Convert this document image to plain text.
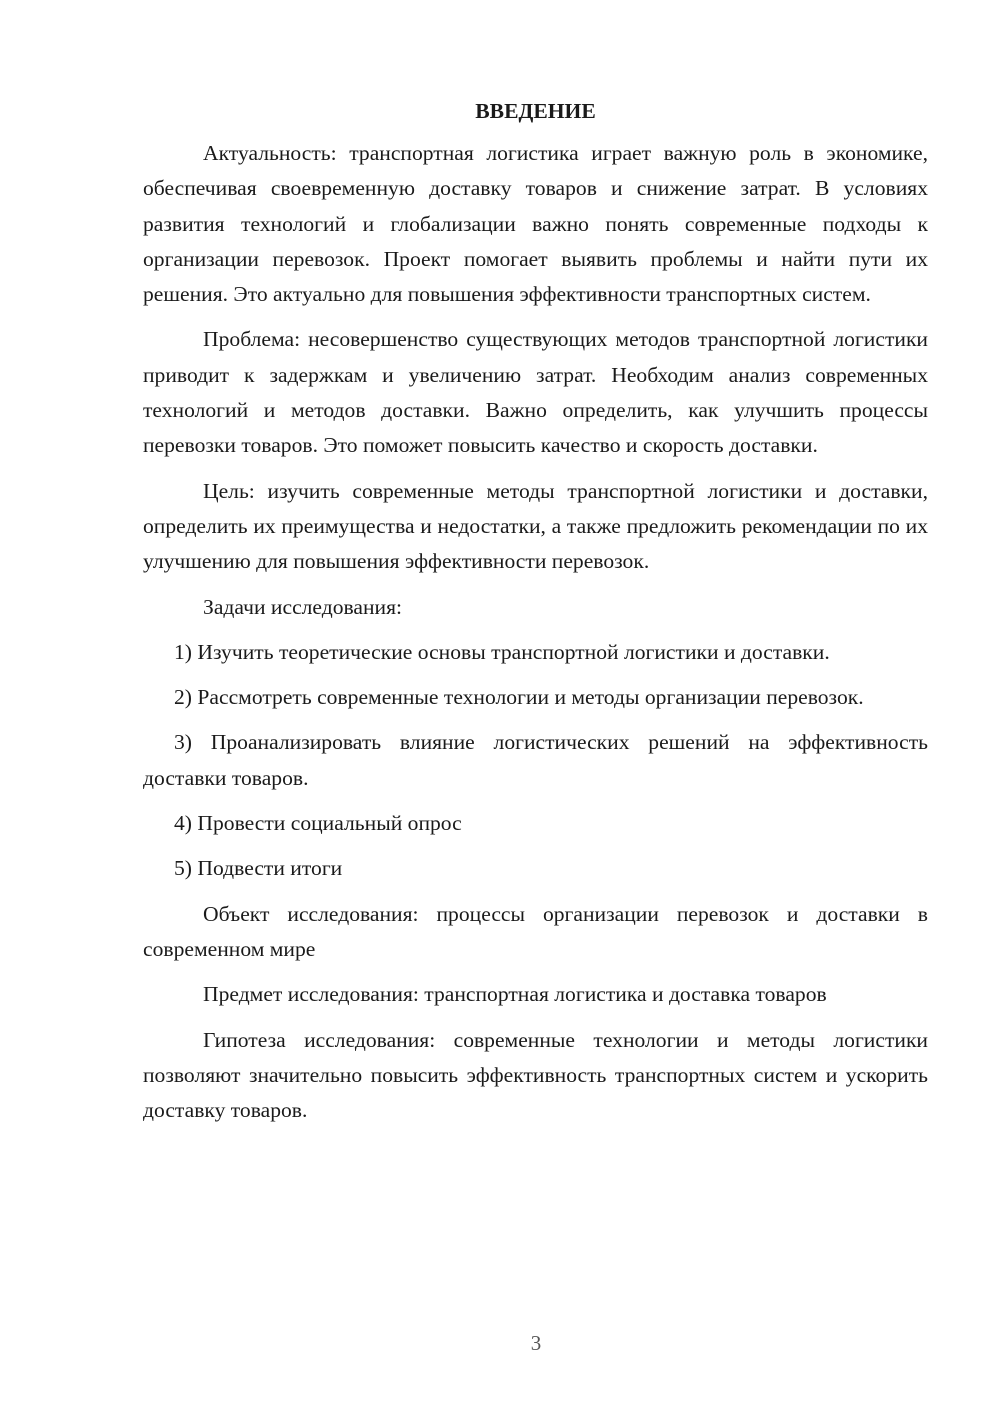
ВВЕДЕНИЕ

Актуальность: транспортная логистика играет важную роль в экономике, обеспечивая своевременную доставку товаров и снижение затрат. В условиях развития технологий и глобализации важно понять современные подходы к организации перевозок. Проект помогает выявить проблемы и найти пути их решения. Это актуально для повышения эффективности транспортных систем.

Проблема: несовершенство существующих методов транспортной логистики приводит к задержкам и увеличению затрат. Необходим анализ современных технологий и методов доставки. Важно определить, как улучшить процессы перевозки товаров. Это поможет повысить качество и скорость доставки.

Цель: изучить современные методы транспортной логистики и доставки, определить их преимущества и недостатки, а также предложить рекомендации по их улучшению для повышения эффективности перевозок.

Задачи исследования:

1) Изучить теоретические основы транспортной логистики и доставки.

2) Рассмотреть современные технологии и методы организации перевозок.

3) Проанализировать влияние логистических решений на эффективность доставки товаров.

4) Провести социальный опрос

5) Подвести итоги

Объект исследования: процессы организации перевозок и доставки в современном мире

Предмет исследования: транспортная логистика и доставка товаров

Гипотеза исследования: современные технологии и методы логистики позволяют значительно повысить эффективность транспортных систем и ускорить доставку товаров.

3
